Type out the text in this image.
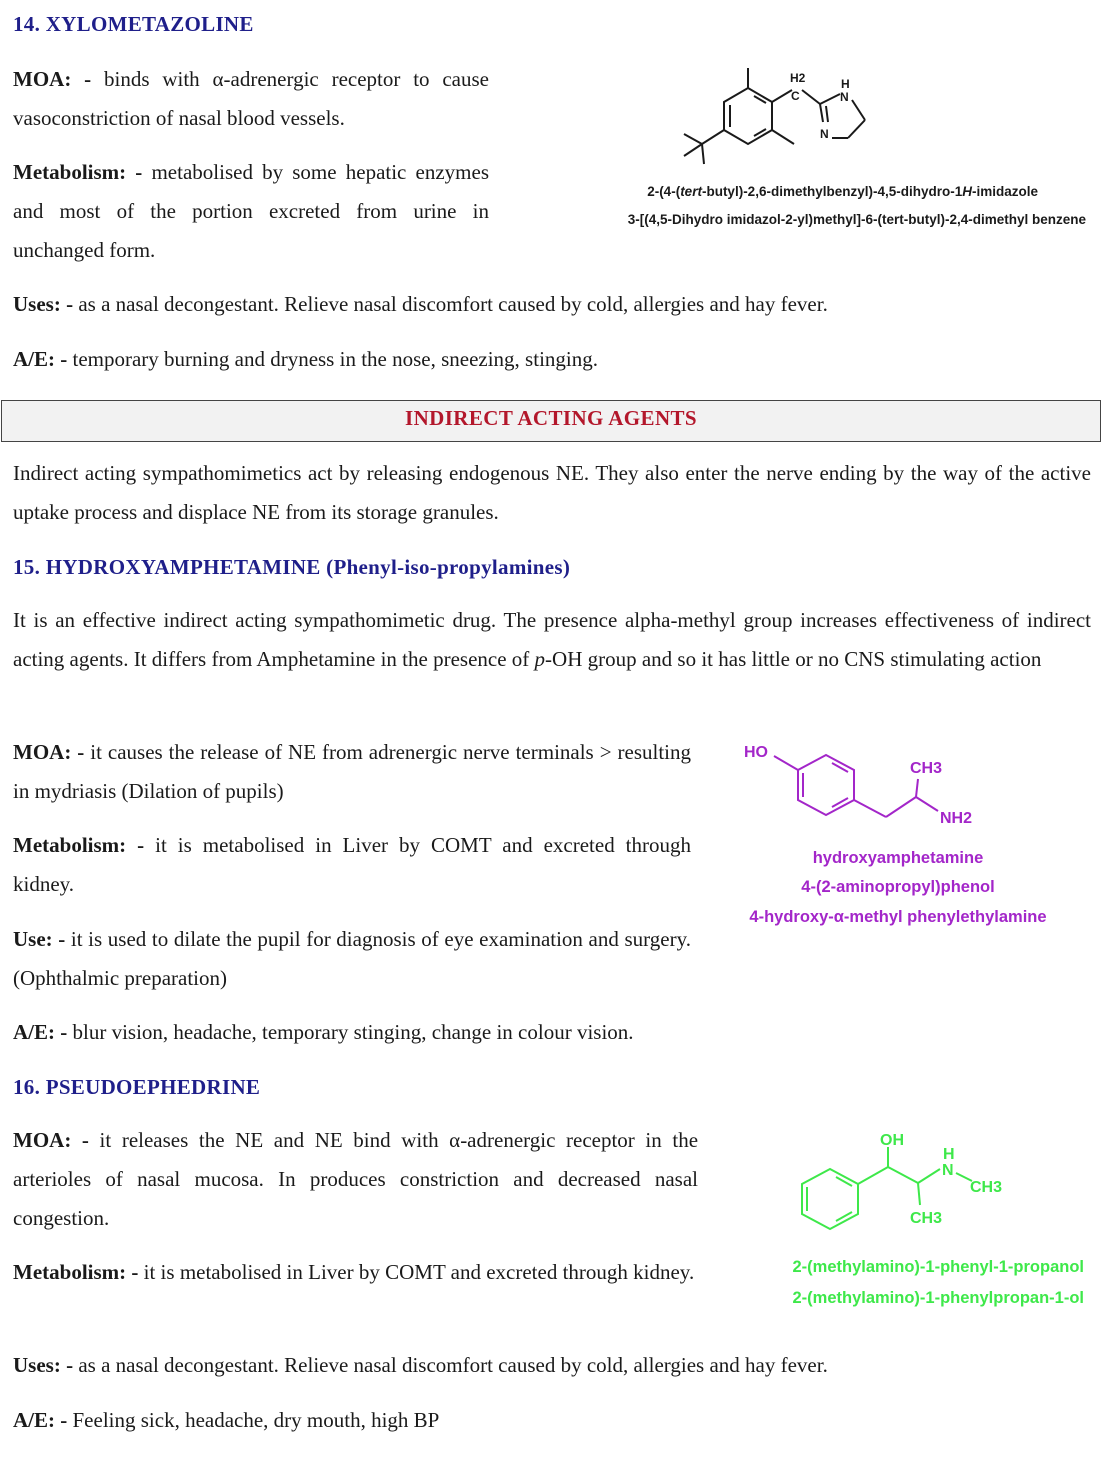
14. XYLOMETAZOLINE
MOA: - binds with α-adrenergic receptor to cause vasoconstriction of nasal blood vessels.
Metabolism: - metabolised by some hepatic enzymes and most of the portion excreted from urine in unchanged form.
H2
C
H
N
N
2-(4-(tert-butyl)-2,6-dimethylbenzyl)-4,5-dihydro-1H-imidazole
3-[(4,5-Dihydro imidazol-2-yl)methyl]-6-(tert-butyl)-2,4-dimethyl benzene
Uses: - as a nasal decongestant. Relieve nasal discomfort caused by cold, allergies and hay fever.
A/E: - temporary burning and dryness in the nose, sneezing, stinging.
INDIRECT ACTING AGENTS
Indirect acting sympathomimetics act by releasing endogenous NE. They also enter the nerve ending by the way of the active uptake process and displace NE from its storage granules.
15. HYDROXYAMPHETAMINE (Phenyl-iso-propylamines)
It is an effective indirect acting sympathomimetic drug. The presence alpha-methyl group increases effectiveness of indirect acting agents. It differs from Amphetamine in the presence of p-OH group and so it has little or no CNS stimulating action
MOA: - it causes the release of NE from adrenergic nerve terminals > resulting in mydriasis (Dilation of pupils)
Metabolism: - it is metabolised in Liver by COMT and excreted through kidney.
Use: - it is used to dilate the pupil for diagnosis of eye examination and surgery. (Ophthalmic preparation)
A/E: - blur vision, headache, temporary stinging, change in colour vision.
HO
CH3
NH2
hydroxyamphetamine
4-(2-aminopropyl)phenol
4-hydroxy-α-methyl phenylethylamine
16. PSEUDOEPHEDRINE
MOA: - it releases the NE and NE bind with α-adrenergic receptor in the arterioles of nasal mucosa. In produces constriction and decreased nasal congestion.
Metabolism: - it is metabolised in Liver by COMT and excreted through kidney.
OH
H
N
CH3
CH3
2-(methylamino)-1-phenyl-1-propanol
2-(methylamino)-1-phenylpropan-1-ol
Uses: - as a nasal decongestant. Relieve nasal discomfort caused by cold, allergies and hay fever.
A/E: - Feeling sick, headache, dry mouth, high BP
